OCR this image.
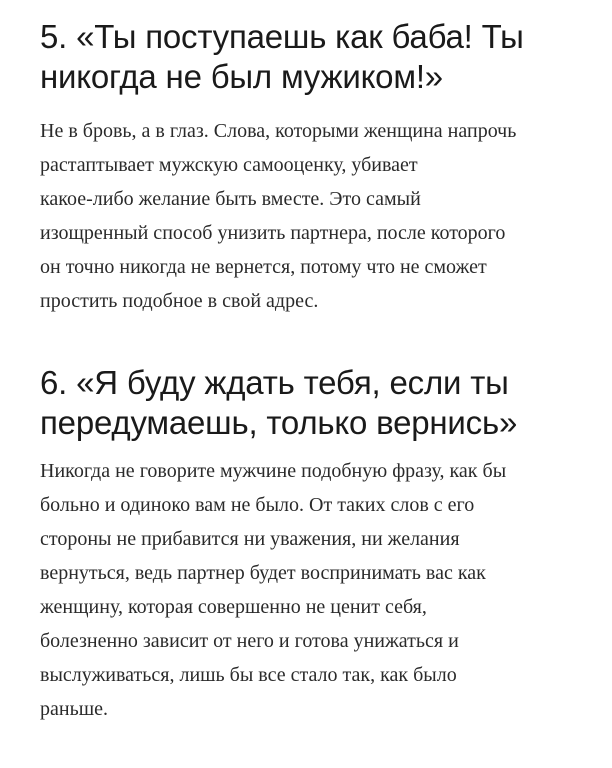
5. «Ты поступаешь как баба! Ты
никогда не был мужиком!»

Не в бровь, а в глаз. Слова, которыми женщина напрочь
растаптывает мужскую самооценку, убивает
какое-либо желание быть вместе. Это самый
изощренный способ унизить партнера, после которого
он точно никогда не вернется, потому что не сможет
простить подобное в свой адрес.

6. «Я буду ждать тебя, если ты
передумаешь, только вернись»

Никогда не говорите мужчине подобную фразу, как бы
больно и одиноко вам не было. От таких слов с его
стороны не прибавится ни уважения, ни желания
вернуться, ведь партнер будет воспринимать вас как
женщину, которая совершенно не ценит себя,
болезненно зависит от него и готова унижаться и
выслуживаться, лишь бы все стало так, как было
раньше.
